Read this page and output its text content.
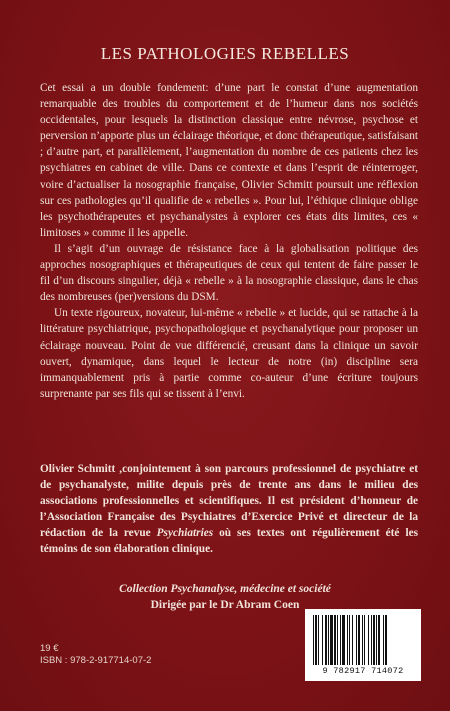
LES PATHOLOGIES REBELLES

Cet essai a un double fondement: d’une part le constat d’une augmentation remarquable des troubles du comportement et de l’humeur dans nos sociétés occidentales, pour lesquels la distinction classique entre névrose, psychose et perversion n’apporte plus un éclairage théorique, et donc thérapeutique, satisfaisant ; d’autre part, et parallèlement, l’augmentation du nombre de ces patients chez les psychiatres en cabinet de ville. Dans ce contexte et dans l’esprit de réinterroger, voire d’actualiser la nosographie française, Olivier Schmitt poursuit une réflexion sur ces pathologies qu’il qualifie de « rebelles ». Pour lui, l’éthique clinique oblige les psychothérapeutes et psychanalystes à explorer ces états dits limites, ces « limitoses » comme il les appelle.

Il s’agit d’un ouvrage de résistance face à la globalisation politique des approches nosographiques et thérapeutiques de ceux qui tentent de faire passer le fil d’un discours singulier, déjà « rebelle » à la nosographie classique, dans le chas des nombreuses (per)versions du DSM.

Un texte rigoureux, novateur, lui-même « rebelle » et lucide, qui se rattache à la littérature psychiatrique, psychopathologique et psychanalytique pour proposer un éclairage nouveau. Point de vue différencié, creusant dans la clinique un savoir ouvert, dynamique, dans lequel le lecteur de notre (in) discipline sera immanquablement pris à partie comme co-auteur d’une écriture toujours surprenante par ses fils qui se tissent à l’envi.

Olivier Schmitt ,conjointement à son parcours professionnel de psychiatre et de psychanalyste, milite depuis près de trente ans dans le milieu des associations professionnelles et scientifiques. Il est président d’honneur de l’Association Française des Psychiatres d’Exercice Privé et directeur de la rédaction de la revue Psychiatries où ses textes ont régulièrement été les témoins de son élaboration clinique.
Collection Psychanalyse, médecine et société
Dirigée par le Dr Abram Coen
19 €
ISBN : 978-2-917714-07-2
9 782917 714072
